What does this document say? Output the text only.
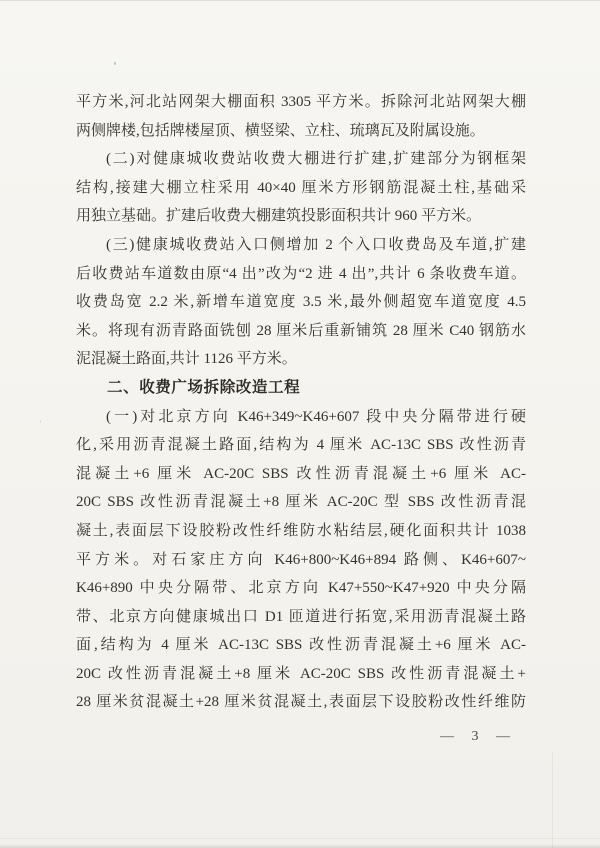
平方米,河北站网架大棚面积 3305 平方米。拆除河北站网架大棚
两侧牌楼,包括牌楼屋顶、横竖梁、立柱、琉璃瓦及附属设施。
(二)对健康城收费站收费大棚进行扩建,扩建部分为钢框架
结构,接建大棚立柱采用 40×40 厘米方形钢筋混凝土柱,基础采
用独立基础。扩建后收费大棚建筑投影面积共计 960 平方米。
(三)健康城收费站入口侧增加 2 个入口收费岛及车道,扩建
后收费站车道数由原“4 出”改为“2 进 4 出”,共计 6 条收费车道。
收费岛宽 2.2 米,新增车道宽度 3.5 米,最外侧超宽车道宽度 4.5
米。将现有沥青路面铣刨 28 厘米后重新铺筑 28 厘米 C40 钢筋水
泥混凝土路面,共计 1126 平方米。
二、收费广场拆除改造工程
(一)对北京方向 K46+349~K46+607 段中央分隔带进行硬
化,采用沥青混凝土路面,结构为 4 厘米 AC-13C SBS 改性沥青
混凝土+6 厘米 AC-20C SBS 改性沥青混凝土+6 厘米 AC-
20C SBS 改性沥青混凝土+8 厘米 AC-20C 型 SBS 改性沥青混
凝土,表面层下设胶粉改性纤维防水粘结层,硬化面积共计 1038
平方米。对石家庄方向 K46+800~K46+894 路侧、K46+607~
K46+890 中央分隔带、北京方向 K47+550~K47+920 中央分隔
带、北京方向健康城出口 D1 匝道进行拓宽,采用沥青混凝土路
面,结构为 4 厘米 AC-13C SBS 改性沥青混凝土+6 厘米 AC-
20C 改性沥青混凝土+8 厘米 AC-20C SBS 改性沥青混凝土+
28 厘米贫混凝土+28 厘米贫混凝土,表面层下设胶粉改性纤维防
— 3 —
